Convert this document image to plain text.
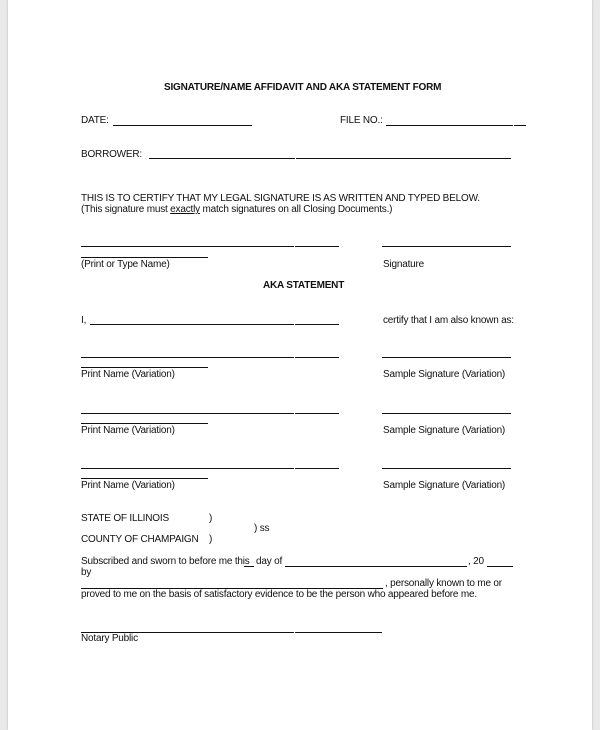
SIGNATURE/NAME AFFIDAVIT AND AKA STATEMENT FORM
DATE:	FILE NO.:
BORROWER:
THIS IS TO CERTIFY THAT MY LEGAL SIGNATURE IS AS WRITTEN AND TYPED BELOW.
(This signature must exactly match signatures on all Closing Documents.)
(Print or Type Name)	Signature
AKA STATEMENT
I,	certify that I am also known as:
Print Name (Variation)	Sample Signature (Variation)
Print Name (Variation)	Sample Signature (Variation)
Print Name (Variation)	Sample Signature (Variation)
STATE OF ILLINOIS	)
) ss
COUNTY OF CHAMPAIGN )
Subscribed and sworn to before me this day of	, 20
by
, personally known to me or
proved to me on the basis of satisfactory evidence to be the person who appeared before me.
Notary Public
